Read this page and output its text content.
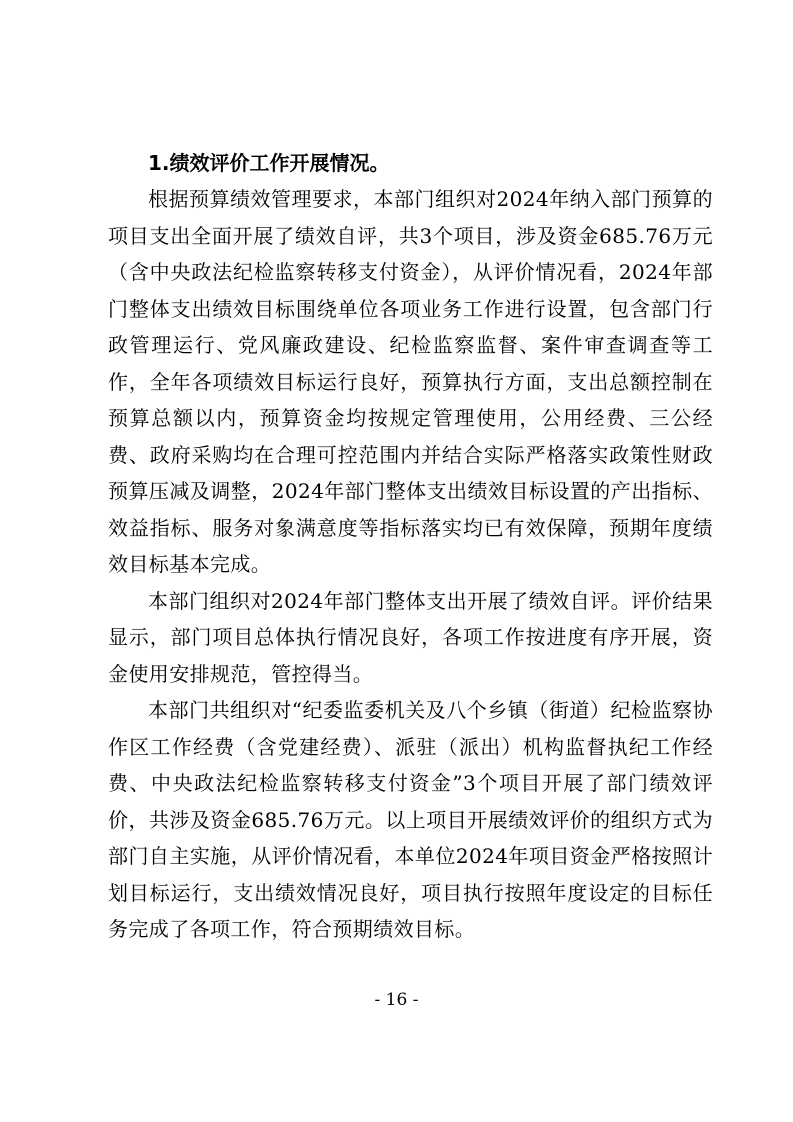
1.绩效评价工作开展情况。

根据预算绩效管理要求，本部门组织对2024年纳入部门预算的项目支出全面开展了绩效自评，共3个项目，涉及资金685.76万元（含中央政法纪检监察转移支付资金），从评价情况看，2024年部门整体支出绩效目标围绕单位各项业务工作进行设置，包含部门行政管理运行、党风廉政建设、纪检监察监督、案件审查调查等工作，全年各项绩效目标运行良好，预算执行方面，支出总额控制在预算总额以内，预算资金均按规定管理使用，公用经费、三公经费、政府采购均在合理可控范围内并结合实际严格落实政策性财政预算压减及调整，2024年部门整体支出绩效目标设置的产出指标、效益指标、服务对象满意度等指标落实均已有效保障，预期年度绩效目标基本完成。

本部门组织对2024年部门整体支出开展了绩效自评。评价结果显示，部门项目总体执行情况良好，各项工作按进度有序开展，资金使用安排规范，管控得当。

本部门共组织对“纪委监委机关及八个乡镇（街道）纪检监察协作区工作经费（含党建经费）、派驻（派出）机构监督执纪工作经费、中央政法纪检监察转移支付资金”3个项目开展了部门绩效评价，共涉及资金685.76万元。以上项目开展绩效评价的组织方式为部门自主实施，从评价情况看，本单位2024年项目资金严格按照计划目标运行，支出绩效情况良好，项目执行按照年度设定的目标任务完成了各项工作，符合预期绩效目标。

- 16 -
